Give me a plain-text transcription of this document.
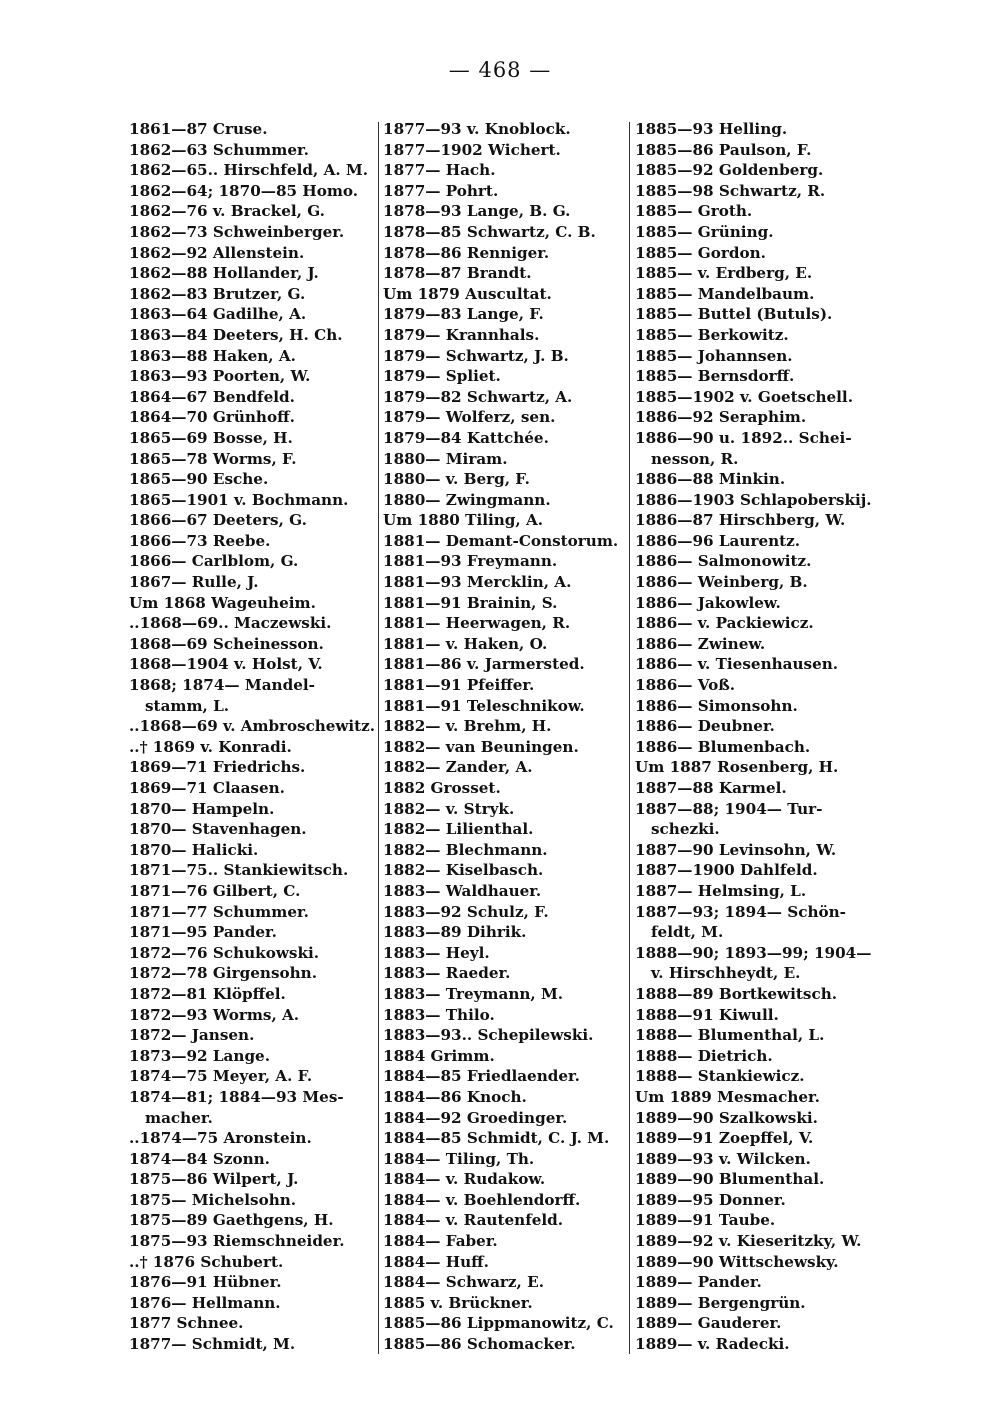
— 468 —
1861—87 Cruse.
1862—63 Schummer.
1862—65.. Hirschfeld, A. M.
1862—64; 1870—85 Homo.
1862—76 v. Brackel, G.
1862—73 Schweinberger.
1862—92 Allenstein.
1862—88 Hollander, J.
1862—83 Brutzer, G.
1863—64 Gadilhe, A.
1863—84 Deeters, H. Ch.
1863—88 Haken, A.
1863—93 Poorten, W.
1864—67 Bendfeld.
1864—70 Grünhoff.
1865—69 Bosse, H.
1865—78 Worms, F.
1865—90 Esche.
1865—1901 v. Bochmann.
1866—67 Deeters, G.
1866—73 Reebe.
1866— Carlblom, G.
1867— Rulle, J.
Um 1868 Wageuheim.
..1868—69.. Maczewski.
1868—69 Scheinesson.
1868—1904 v. Holst, V.
1868; 1874— Mandel-
stamm, L.
..1868—69 v. Ambroschewitz.
..† 1869 v. Konradi.
1869—71 Friedrichs.
1869—71 Claasen.
1870— Hampeln.
1870— Stavenhagen.
1870— Halicki.
1871—75.. Stankiewitsch.
1871—76 Gilbert, C.
1871—77 Schummer.
1871—95 Pander.
1872—76 Schukowski.
1872—78 Girgensohn.
1872—81 Klöpffel.
1872—93 Worms, A.
1872— Jansen.
1873—92 Lange.
1874—75 Meyer, A. F.
1874—81; 1884—93 Mes-
macher.
..1874—75 Aronstein.
1874—84 Szonn.
1875—86 Wilpert, J.
1875— Michelsohn.
1875—89 Gaethgens, H.
1875—93 Riemschneider.
..† 1876 Schubert.
1876—91 Hübner.
1876— Hellmann.
1877 Schnee.
1877— Schmidt, M.
1877—93 v. Knoblock.
1877—1902 Wichert.
1877— Hach.
1877— Pohrt.
1878—93 Lange, B. G.
1878—85 Schwartz, C. B.
1878—86 Renniger.
1878—87 Brandt.
Um 1879 Auscultat.
1879—83 Lange, F.
1879— Krannhals.
1879— Schwartz, J. B.
1879— Spliet.
1879—82 Schwartz, A.
1879— Wolferz, sen.
1879—84 Kattchée.
1880— Miram.
1880— v. Berg, F.
1880— Zwingmann.
Um 1880 Tiling, A.
1881— Demant-Constorum.
1881—93 Freymann.
1881—93 Mercklin, A.
1881—91 Brainin, S.
1881— Heerwagen, R.
1881— v. Haken, O.
1881—86 v. Jarmersted.
1881—91 Pfeiffer.
1881—91 Teleschnikow.
1882— v. Brehm, H.
1882— van Beuningen.
1882— Zander, A.
1882 Grosset.
1882— v. Stryk.
1882— Lilienthal.
1882— Blechmann.
1882— Kiselbasch.
1883— Waldhauer.
1883—92 Schulz, F.
1883—89 Dihrik.
1883— Heyl.
1883— Raeder.
1883— Treymann, M.
1883— Thilo.
1883—93.. Schepilewski.
1884 Grimm.
1884—85 Friedlaender.
1884—86 Knoch.
1884—92 Groedinger.
1884—85 Schmidt, C. J. M.
1884— Tiling, Th.
1884— v. Rudakow.
1884— v. Boehlendorff.
1884— v. Rautenfeld.
1884— Faber.
1884— Huff.
1884— Schwarz, E.
1885 v. Brückner.
1885—86 Lippmanowitz, C.
1885—86 Schomacker.
1885—93 Helling.
1885—86 Paulson, F.
1885—92 Goldenberg.
1885—98 Schwartz, R.
1885— Groth.
1885— Grüning.
1885— Gordon.
1885— v. Erdberg, E.
1885— Mandelbaum.
1885— Buttel (Butuls).
1885— Berkowitz.
1885— Johannsen.
1885— Bernsdorff.
1885—1902 v. Goetschell.
1886—92 Seraphim.
1886—90 u. 1892.. Schei-
nesson, R.
1886—88 Minkin.
1886—1903 Schlapoberskij.
1886—87 Hirschberg, W.
1886—96 Laurentz.
1886— Salmonowitz.
1886— Weinberg, B.
1886— Jakowlew.
1886— v. Packiewicz.
1886— Zwinew.
1886— v. Tiesenhausen.
1886— Voß.
1886— Simonsohn.
1886— Deubner.
1886— Blumenbach.
Um 1887 Rosenberg, H.
1887—88 Karmel.
1887—88; 1904— Tur-
schezki.
1887—90 Levinsohn, W.
1887—1900 Dahlfeld.
1887— Helmsing, L.
1887—93; 1894— Schön-
feldt, M.
1888—90; 1893—99; 1904—
v. Hirschheydt, E.
1888—89 Bortkewitsch.
1888—91 Kiwull.
1888— Blumenthal, L.
1888— Dietrich.
1888— Stankiewicz.
Um 1889 Mesmacher.
1889—90 Szalkowski.
1889—91 Zoepffel, V.
1889—93 v. Wilcken.
1889—90 Blumenthal.
1889—95 Donner.
1889—91 Taube.
1889—92 v. Kieseritzky, W.
1889—90 Wittschewsky.
1889— Pander.
1889— Bergengrün.
1889— Gauderer.
1889— v. Radecki.
